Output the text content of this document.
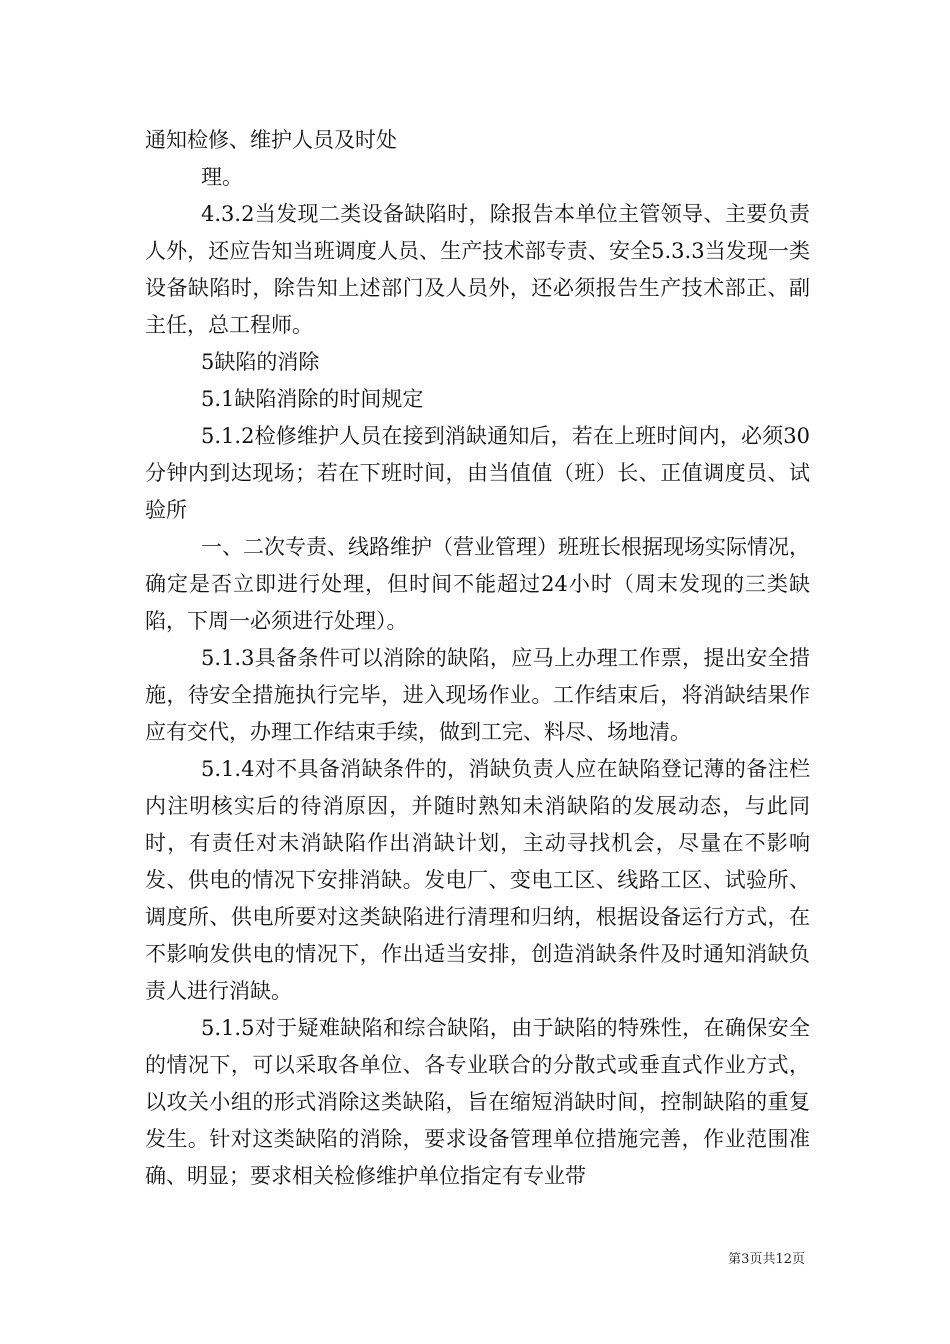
通知检修、维护人员及时处

理。

4.3.2当发现二类设备缺陷时，除报告本单位主管领导、主要负责人外，还应告知当班调度人员、生产技术部专责、安全5.3.3当发现一类设备缺陷时，除告知上述部门及人员外，还必须报告生产技术部正、副主任，总工程师。

5缺陷的消除

5.1缺陷消除的时间规定

5.1.2检修维护人员在接到消缺通知后，若在上班时间内，必须30分钟内到达现场；若在下班时间，由当值值（班）长、正值调度员、试验所

一、二次专责、线路维护（营业管理）班班长根据现场实际情况，确定是否立即进行处理，但时间不能超过24小时（周末发现的三类缺陷，下周一必须进行处理）。

5.1.3具备条件可以消除的缺陷，应马上办理工作票，提出安全措施，待安全措施执行完毕，进入现场作业。工作结束后，将消缺结果作应有交代，办理工作结束手续，做到工完、料尽、场地清。

5.1.4对不具备消缺条件的，消缺负责人应在缺陷登记薄的备注栏内注明核实后的待消原因，并随时熟知未消缺陷的发展动态，与此同时，有责任对未消缺陷作出消缺计划，主动寻找机会，尽量在不影响发、供电的情况下安排消缺。发电厂、变电工区、线路工区、试验所、调度所、供电所要对这类缺陷进行清理和归纳，根据设备运行方式，在不影响发供电的情况下，作出适当安排，创造消缺条件及时通知消缺负责人进行消缺。

5.1.5对于疑难缺陷和综合缺陷，由于缺陷的特殊性，在确保安全的情况下，可以采取各单位、各专业联合的分散式或垂直式作业方式，以攻关小组的形式消除这类缺陷，旨在缩短消缺时间，控制缺陷的重复发生。针对这类缺陷的消除，要求设备管理单位措施完善，作业范围准确、明显；要求相关检修维护单位指定有专业带

第3页共12页
